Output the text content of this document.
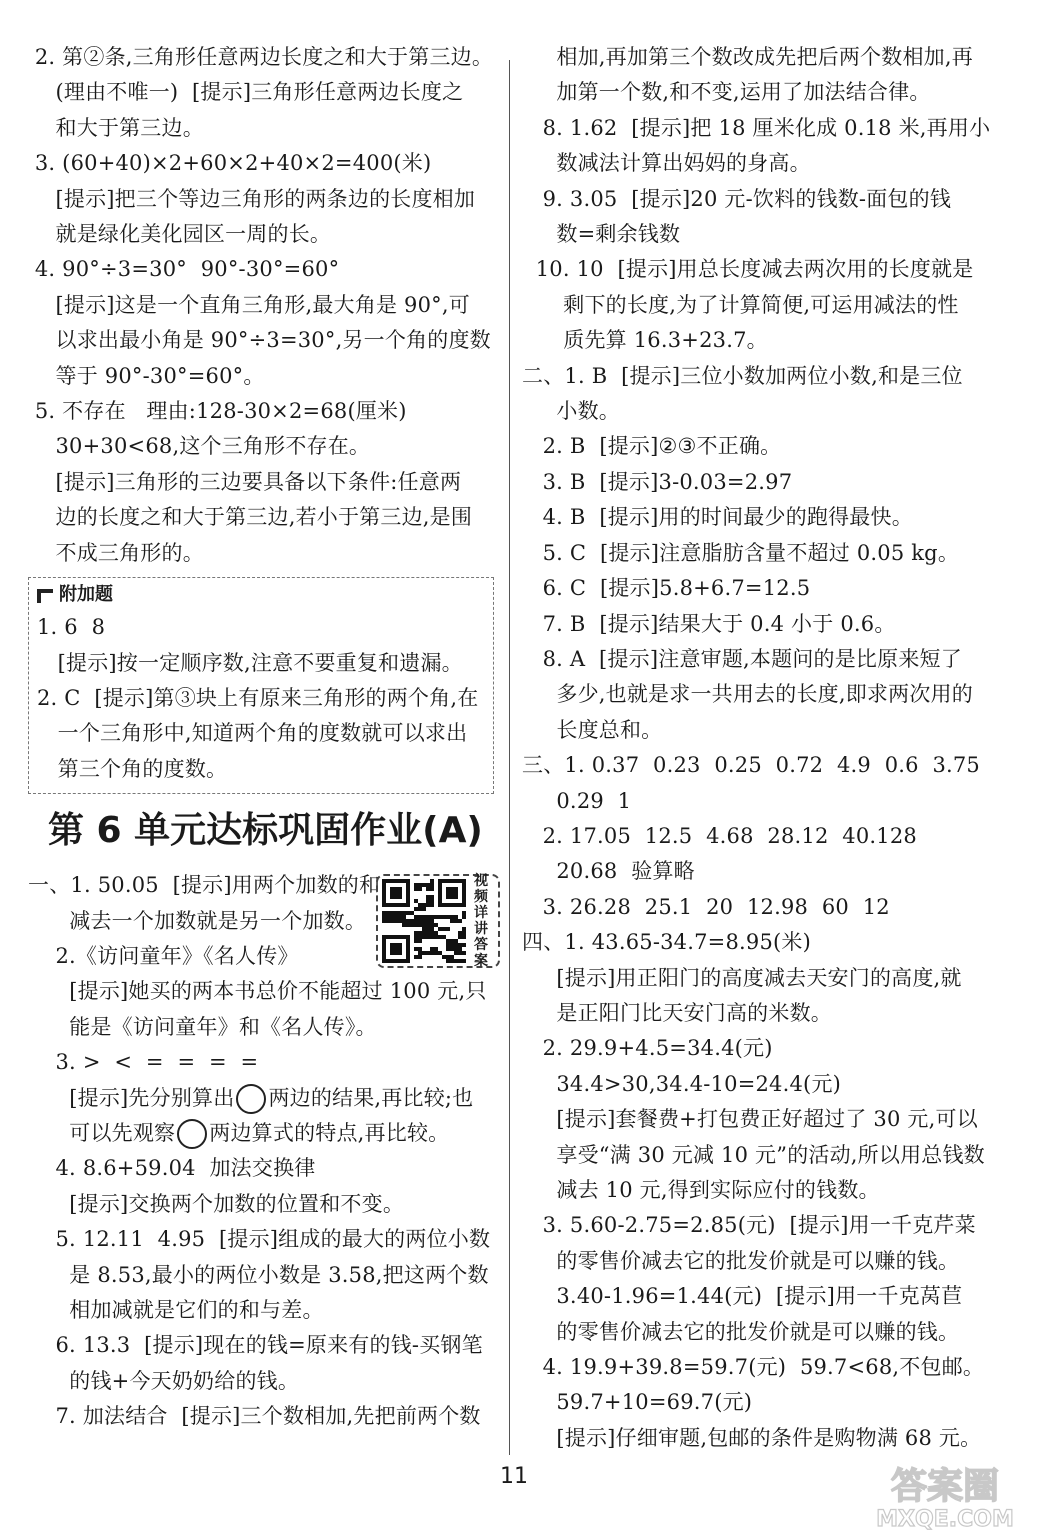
2. 第②条,三角形任意两边长度之和大于第三边。
(理由不唯一)  [提示]三角形任意两边长度之
和大于第三边。
3. (60+40)×2+60×2+40×2=400(米)
[提示]把三个等边三角形的两条边的长度相加
就是绿化美化园区一周的长。
4. 90°÷3=30°  90°-30°=60°
[提示]这是一个直角三角形,最大角是 90°,可
以求出最小角是 90°÷3=30°,另一个角的度数
等于 90°-30°=60°。
5. 不存在   理由:128-30×2=68(厘米)
30+30<68,这个三角形不存在。
[提示]三角形的三边要具备以下条件:任意两
边的长度之和大于第三边,若小于第三边,是围
不成三角形的。
附加题
1. 6  8
[提示]按一定顺序数,注意不要重复和遗漏。
2. C  [提示]第③块上有原来三角形的两个角,在
一个三角形中,知道两个角的度数就可以求出
第三个角的度数。
第 6 单元达标巩固作业(A)
一、1. 50.05  [提示]用两个加数的和
减去一个加数就是另一个加数。
视频详讲答案
2.《访问童年》《名人传》
[提示]她买的两本书总价不能超过 100 元,只
能是《访问童年》和《名人传》。
3. >  <  =  =  =  =
[提示]先分别算出 两边的结果,再比较;也
可以先观察 两边算式的特点,再比较。
4. 8.6+59.04  加法交换律
[提示]交换两个加数的位置和不变。
5. 12.11  4.95  [提示]组成的最大的两位小数
是 8.53,最小的两位小数是 3.58,把这两个数
相加减就是它们的和与差。
6. 13.3  [提示]现在的钱=原来有的钱-买钢笔
的钱+今天奶奶给的钱。
7. 加法结合  [提示]三个数相加,先把前两个数
相加,再加第三个数改成先把后两个数相加,再
加第一个数,和不变,运用了加法结合律。
8. 1.62  [提示]把 18 厘米化成 0.18 米,再用小
数减法计算出妈妈的身高。
9. 3.05  [提示]20 元-饮料的钱数-面包的钱
数=剩余钱数
10. 10  [提示]用总长度减去两次用的长度就是
剩下的长度,为了计算简便,可运用减法的性
质先算 16.3+23.7。
二、1. B  [提示]三位小数加两位小数,和是三位
小数。
2. B  [提示]②③不正确。
3. B  [提示]3-0.03=2.97
4. B  [提示]用的时间最少的跑得最快。
5. C  [提示]注意脂肪含量不超过 0.05 kg。
6. C  [提示]5.8+6.7=12.5
7. B  [提示]结果大于 0.4 小于 0.6。
8. A  [提示]注意审题,本题问的是比原来短了
多少,也就是求一共用去的长度,即求两次用的
长度总和。
三、1. 0.37  0.23  0.25  0.72  4.9  0.6  3.75
0.29  1
2. 17.05  12.5  4.68  28.12  40.128
20.68  验算略
3. 26.28  25.1  20  12.98  60  12
四、1. 43.65-34.7=8.95(米)
[提示]用正阳门的高度减去天安门的高度,就
是正阳门比天安门高的米数。
2. 29.9+4.5=34.4(元)
34.4>30,34.4-10=24.4(元)
[提示]套餐费+打包费正好超过了 30 元,可以
享受“满 30 元减 10 元”的活动,所以用总钱数
减去 10 元,得到实际应付的钱数。
3. 5.60-2.75=2.85(元)  [提示]用一千克芹菜
的零售价减去它的批发价就是可以赚的钱。
3.40-1.96=1.44(元)  [提示]用一千克莴苣
的零售价减去它的批发价就是可以赚的钱。
4. 19.9+39.8=59.7(元)  59.7<68,不包邮。
59.7+10=69.7(元)
[提示]仔细审题,包邮的条件是购物满 68 元。
11	答案圈
MXQE.COM
